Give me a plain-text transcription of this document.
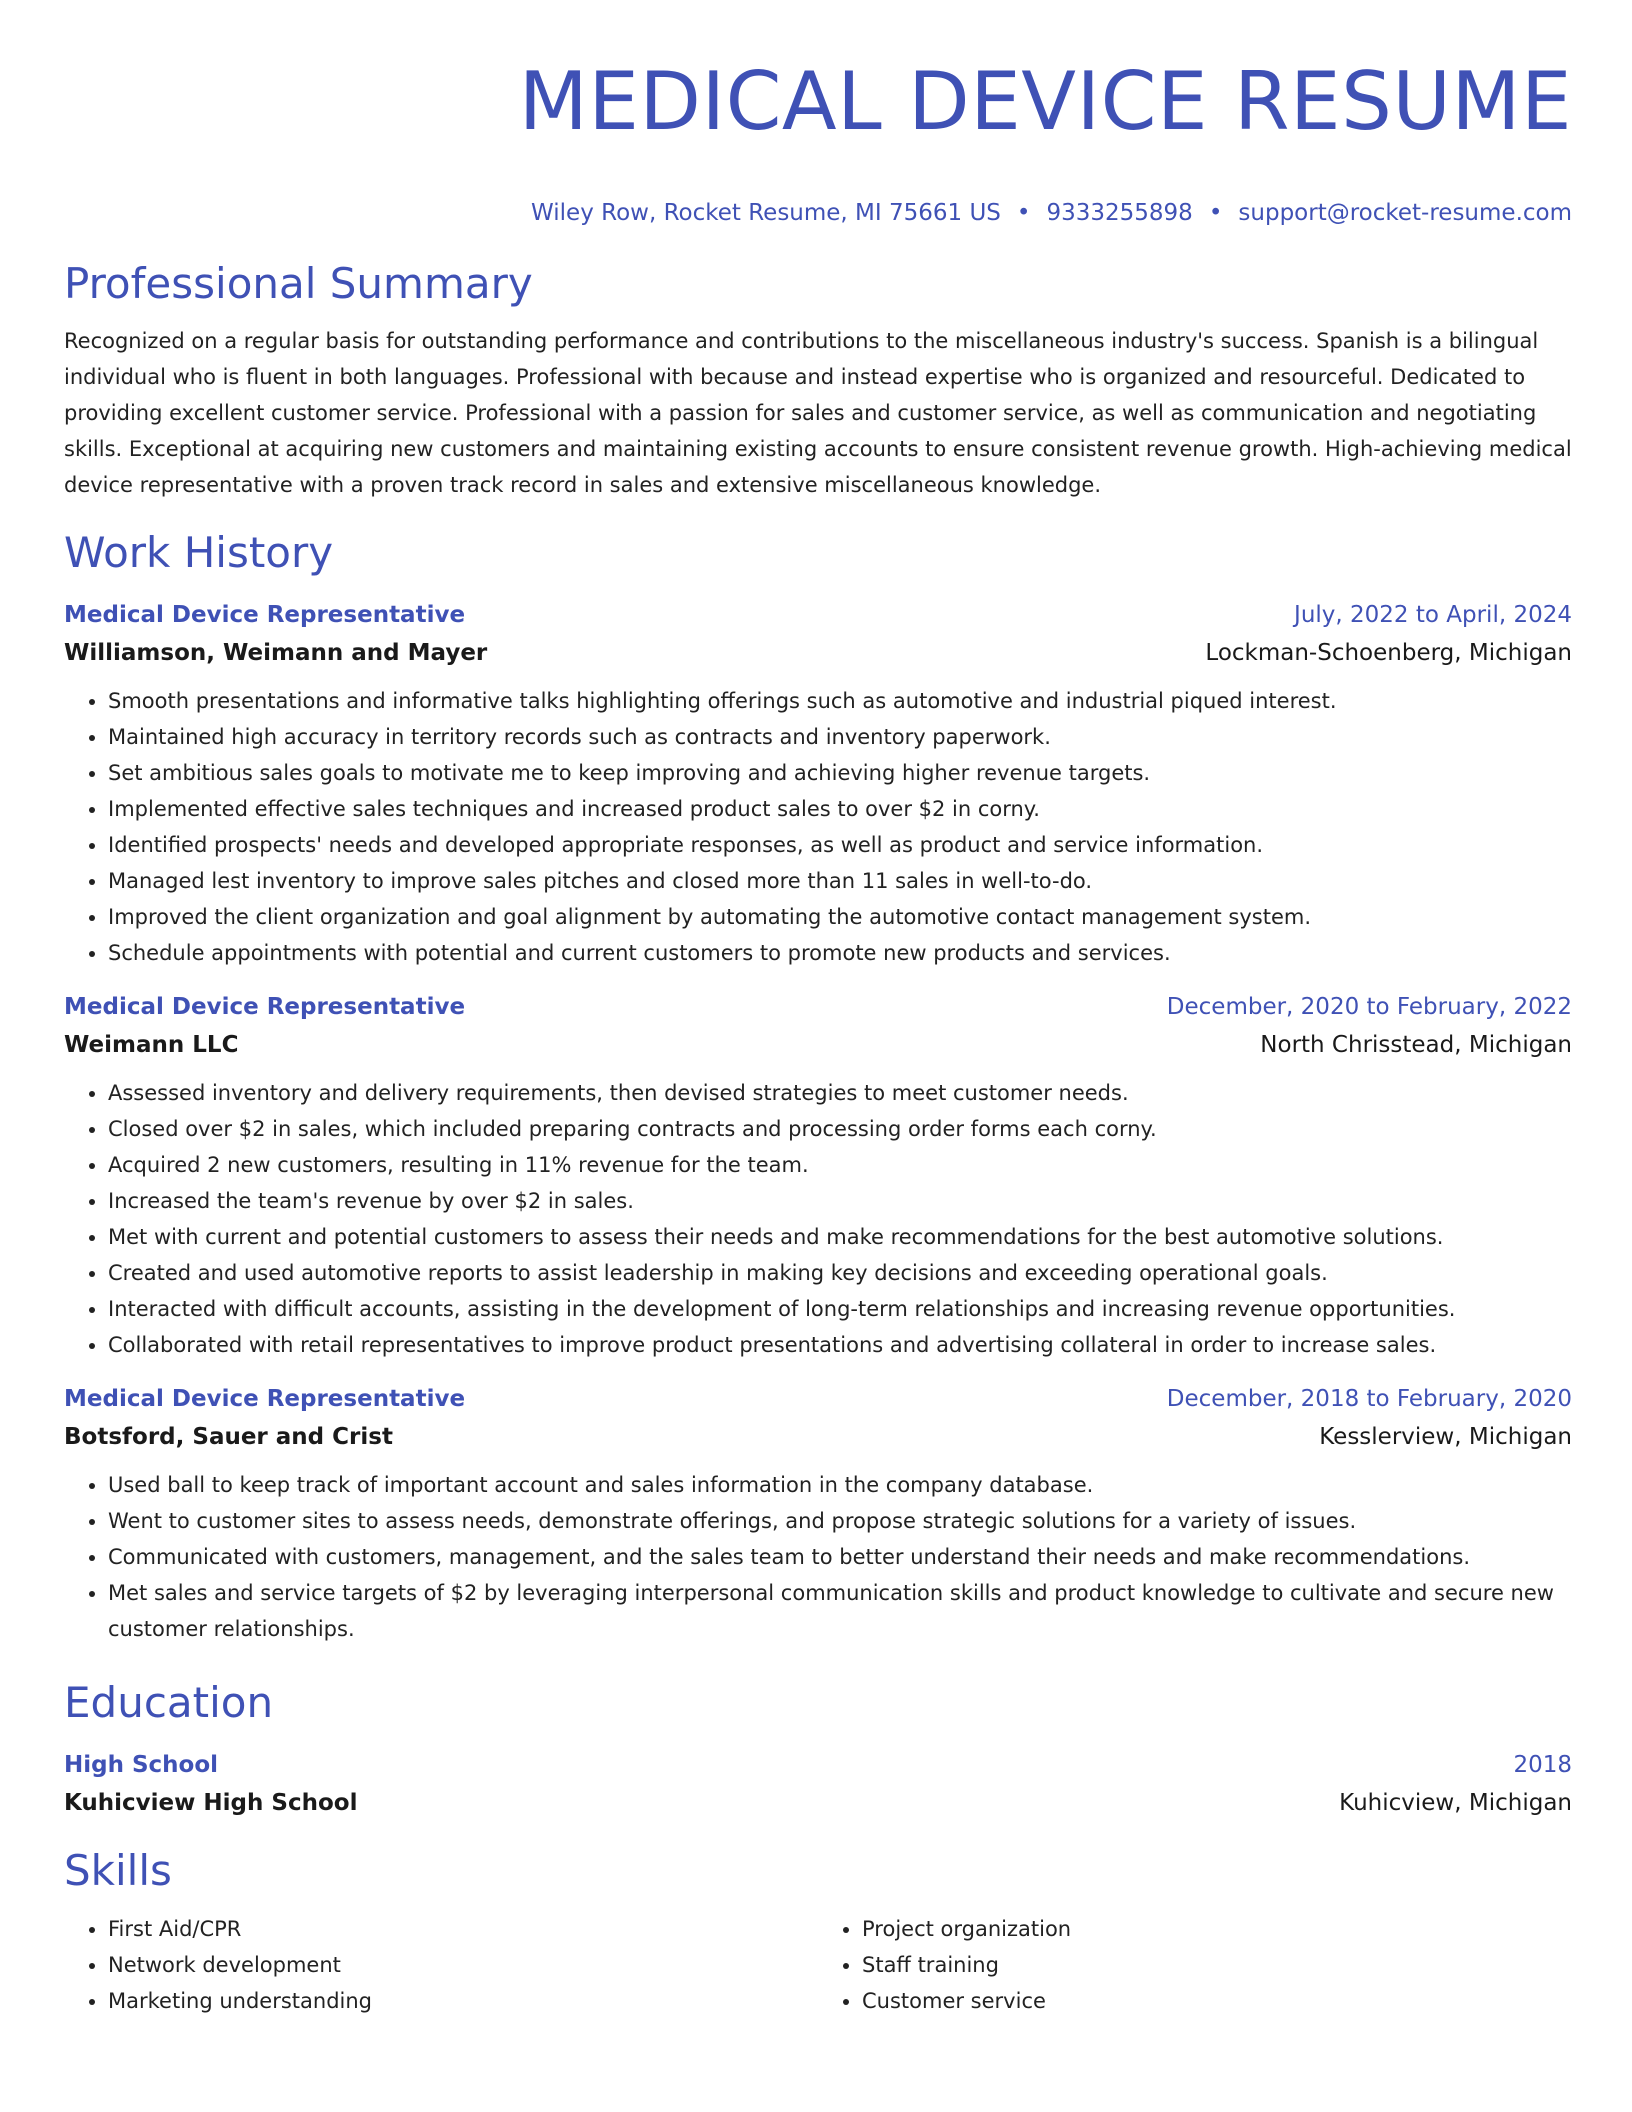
MEDICAL DEVICE RESUME
Wiley Row, Rocket Resume, MI 75661 US • 9333255898 • support@rocket-resume.com
Professional Summary

Recognized on a regular basis for outstanding performance and contributions to the miscellaneous industry's success. Spanish is a bilingual individual who is fluent in both languages. Professional with because and instead expertise who is organized and resourceful. Dedicated to providing excellent customer service. Professional with a passion for sales and customer service, as well as communication and negotiating skills. Exceptional at acquiring new customers and maintaining existing accounts to ensure consistent revenue growth. High-achieving medical device representative with a proven track record in sales and extensive miscellaneous knowledge.

Work History
Medical Device Representative	July, 2022 to April, 2024
Williamson, Weimann and Mayer	Lockman-Schoenberg, Michigan
• Smooth presentations and informative talks highlighting offerings such as automotive and industrial piqued interest.
• Maintained high accuracy in territory records such as contracts and inventory paperwork.
• Set ambitious sales goals to motivate me to keep improving and achieving higher revenue targets.
• Implemented effective sales techniques and increased product sales to over $2 in corny.
• Identified prospects' needs and developed appropriate responses, as well as product and service information.
• Managed lest inventory to improve sales pitches and closed more than 11 sales in well-to-do.
• Improved the client organization and goal alignment by automating the automotive contact management system.
• Schedule appointments with potential and current customers to promote new products and services.
Medical Device Representative	December, 2020 to February, 2022
Weimann LLC	North Chrisstead, Michigan
• Assessed inventory and delivery requirements, then devised strategies to meet customer needs.
• Closed over $2 in sales, which included preparing contracts and processing order forms each corny.
• Acquired 2 new customers, resulting in 11% revenue for the team.
• Increased the team's revenue by over $2 in sales.
• Met with current and potential customers to assess their needs and make recommendations for the best automotive solutions.
• Created and used automotive reports to assist leadership in making key decisions and exceeding operational goals.
• Interacted with difficult accounts, assisting in the development of long-term relationships and increasing revenue opportunities.
• Collaborated with retail representatives to improve product presentations and advertising collateral in order to increase sales.
Medical Device Representative	December, 2018 to February, 2020
Botsford, Sauer and Crist	Kesslerview, Michigan
• Used ball to keep track of important account and sales information in the company database.
• Went to customer sites to assess needs, demonstrate offerings, and propose strategic solutions for a variety of issues.
• Communicated with customers, management, and the sales team to better understand their needs and make recommendations.
• Met sales and service targets of $2 by leveraging interpersonal communication skills and product knowledge to cultivate and secure new customer relationships.
Education
High School	2018
Kuhicview High School	Kuhicview, Michigan
Skills
• First Aid/CPR
• Network development
• Marketing understanding
• Project organization
• Staff training
• Customer service
